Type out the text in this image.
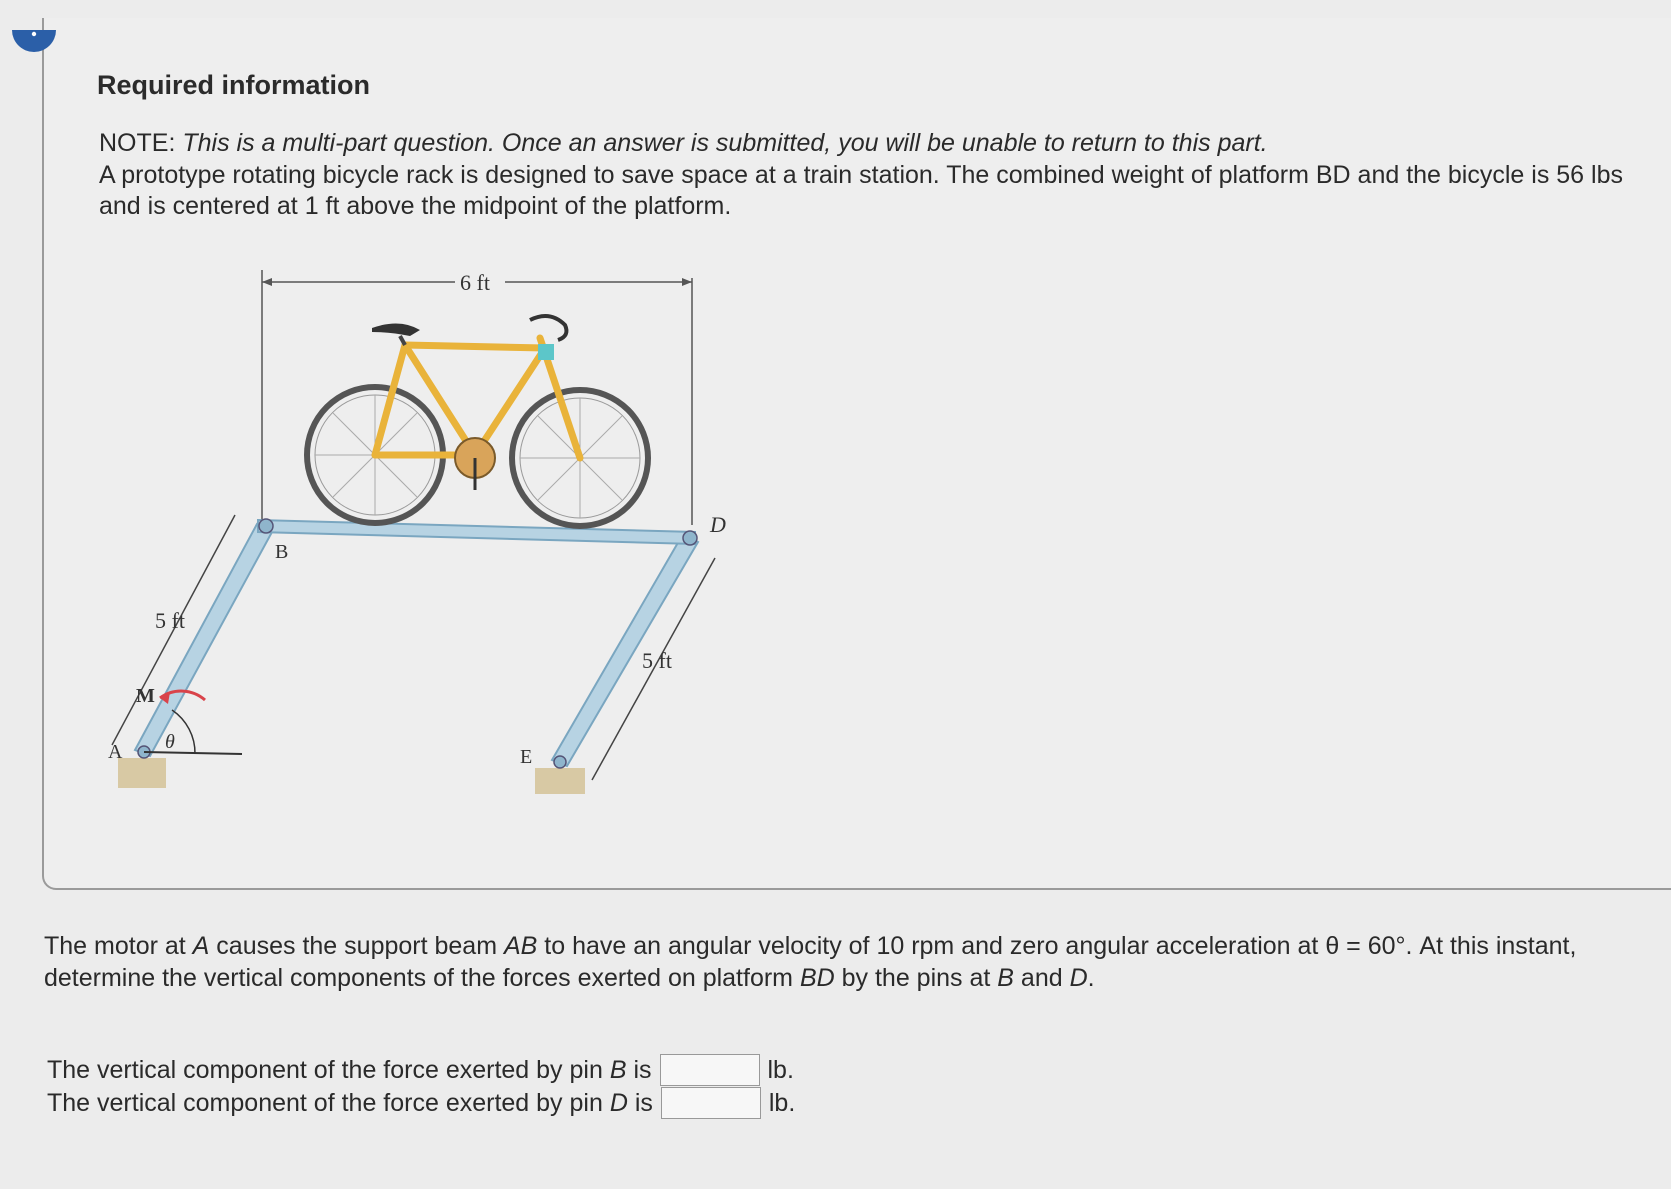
Required information

NOTE: This is a multi-part question. Once an answer is submitted, you will be unable to return to this part.

A prototype rotating bicycle rack is designed to save space at a train station. The combined weight of platform BD and the bicycle is 56 lbs and is centered at 1 ft above the midpoint of the platform.

6 ft
A
B
D
E
M
θ
5 ft
5 ft

The motor at A causes the support beam AB to have an angular velocity of 10 rpm and zero angular acceleration at θ = 60°. At this instant, determine the vertical components of the forces exerted on platform BD by the pins at B and D.

The vertical component of the force exerted by pin B is	lb.
The vertical component of the force exerted by pin D is	lb.
